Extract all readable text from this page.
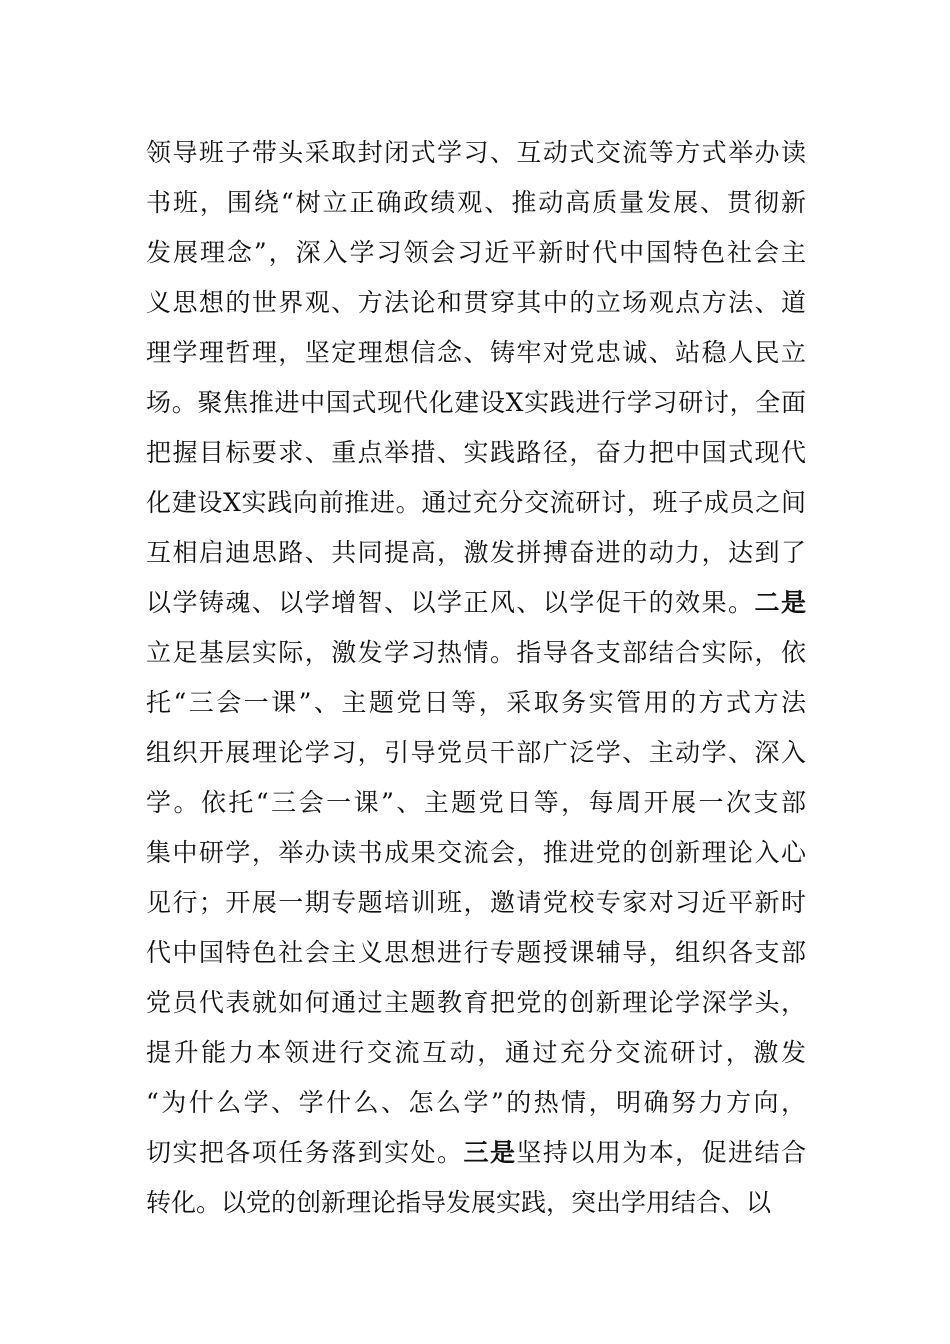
领导班子带头采取封闭式学习、互动式交流等方式举办读
书班，围绕“树立正确政绩观、推动高质量发展、贯彻新
发展理念”，深入学习领会习近平新时代中国特色社会主
义思想的世界观、方法论和贯穿其中的立场观点方法、道
理学理哲理，坚定理想信念、铸牢对党忠诚、站稳人民立
场。聚焦推进中国式现代化建设X实践进行学习研讨，全面
把握目标要求、重点举措、实践路径，奋力把中国式现代
化建设X实践向前推进。通过充分交流研讨，班子成员之间
互相启迪思路、共同提高，激发拼搏奋进的动力，达到了
以学铸魂、以学增智、以学正风、以学促干的效果。二是
立足基层实际，激发学习热情。指导各支部结合实际，依
托“三会一课”、主题党日等，采取务实管用的方式方法
组织开展理论学习，引导党员干部广泛学、主动学、深入
学。依托“三会一课”、主题党日等，每周开展一次支部
集中研学，举办读书成果交流会，推进党的创新理论入心
见行；开展一期专题培训班，邀请党校专家对习近平新时
代中国特色社会主义思想进行专题授课辅导，组织各支部
党员代表就如何通过主题教育把党的创新理论学深学头，
提升能力本领进行交流互动，通过充分交流研讨，激发
“为什么学、学什么、怎么学”的热情，明确努力方向，
切实把各项任务落到实处。三是坚持以用为本，促进结合
转化。以党的创新理论指导发展实践，突出学用结合、以
